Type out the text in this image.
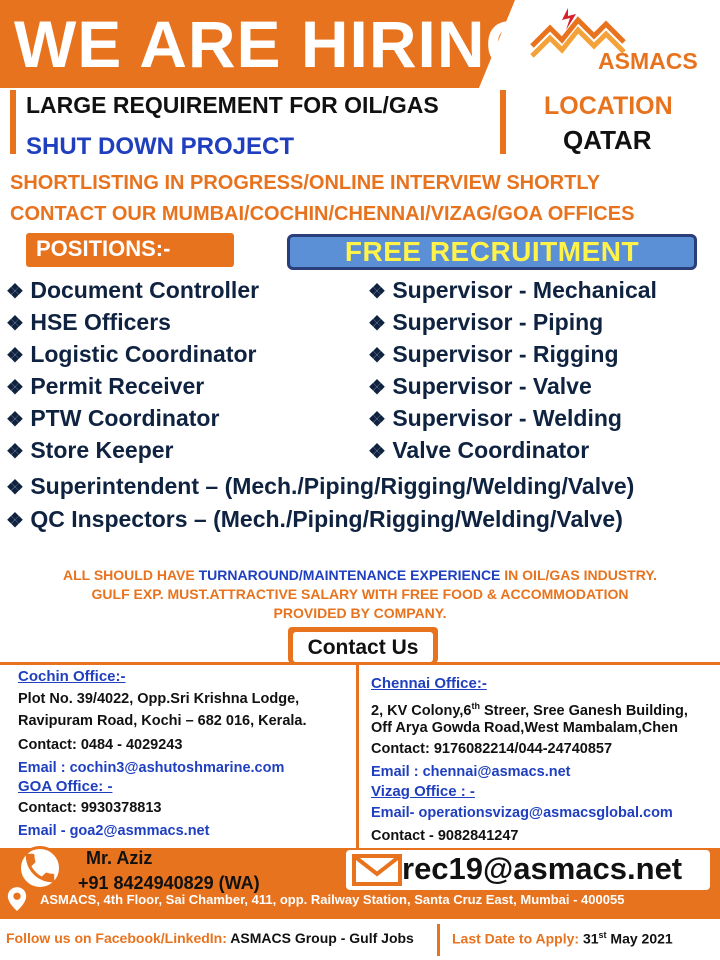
WE ARE HIRING	ASMACS
LARGE REQUIREMENT FOR OIL/GAS
SHUT DOWN PROJECT
LOCATION
QATAR
SHORTLISTING IN PROGRESS/ONLINE INTERVIEW SHORTLY
CONTACT OUR MUMBAI/COCHIN/CHENNAI/VIZAG/GOA OFFICES
POSITIONS:-	FREE RECRUITMENT
❖ Document Controller
❖ HSE Officers
❖ Logistic Coordinator
❖ Permit Receiver
❖ PTW Coordinator
❖ Store Keeper
❖ Supervisor - Mechanical
❖ Supervisor - Piping
❖ Supervisor - Rigging
❖ Supervisor - Valve
❖ Supervisor - Welding
❖ Valve Coordinator
❖ Superintendent – (Mech./Piping/Rigging/Welding/Valve)
❖ QC Inspectors – (Mech./Piping/Rigging/Welding/Valve)
ALL SHOULD HAVE TURNAROUND/MAINTENANCE EXPERIENCE IN OIL/GAS INDUSTRY.
GULF EXP. MUST.ATTRACTIVE SALARY WITH FREE FOOD & ACCOMMODATION
PROVIDED BY COMPANY.
Contact Us
Cochin Office:-
Plot No. 39/4022, Opp.Sri Krishna Lodge,
Ravipuram Road, Kochi – 682 016, Kerala.
Contact: 0484 - 4029243
Email : cochin3@ashutoshmarine.com
GOA Office: -
Contact: 9930378813
Email - goa2@asmmacs.net
Chennai Office:-
2, KV Colony,6th Streer, Sree Ganesh Building,
Off Arya Gowda Road,West Mambalam,Chen
Contact: 9176082214/044-24740857
Email : chennai@asmacs.net
Vizag Office : -
Email- operationsvizag@asmacsglobal.com
Contact - 9082841247
Mr. Aziz
+91 8424940829 (WA)	rec19@asmacs.net
ASMACS, 4th Floor, Sai Chamber, 411, opp. Railway Station, Santa Cruz East, Mumbai - 400055
Follow us on Facebook/LinkedIn: ASMACS Group - Gulf Jobs	Last Date to Apply: 31st May 2021
